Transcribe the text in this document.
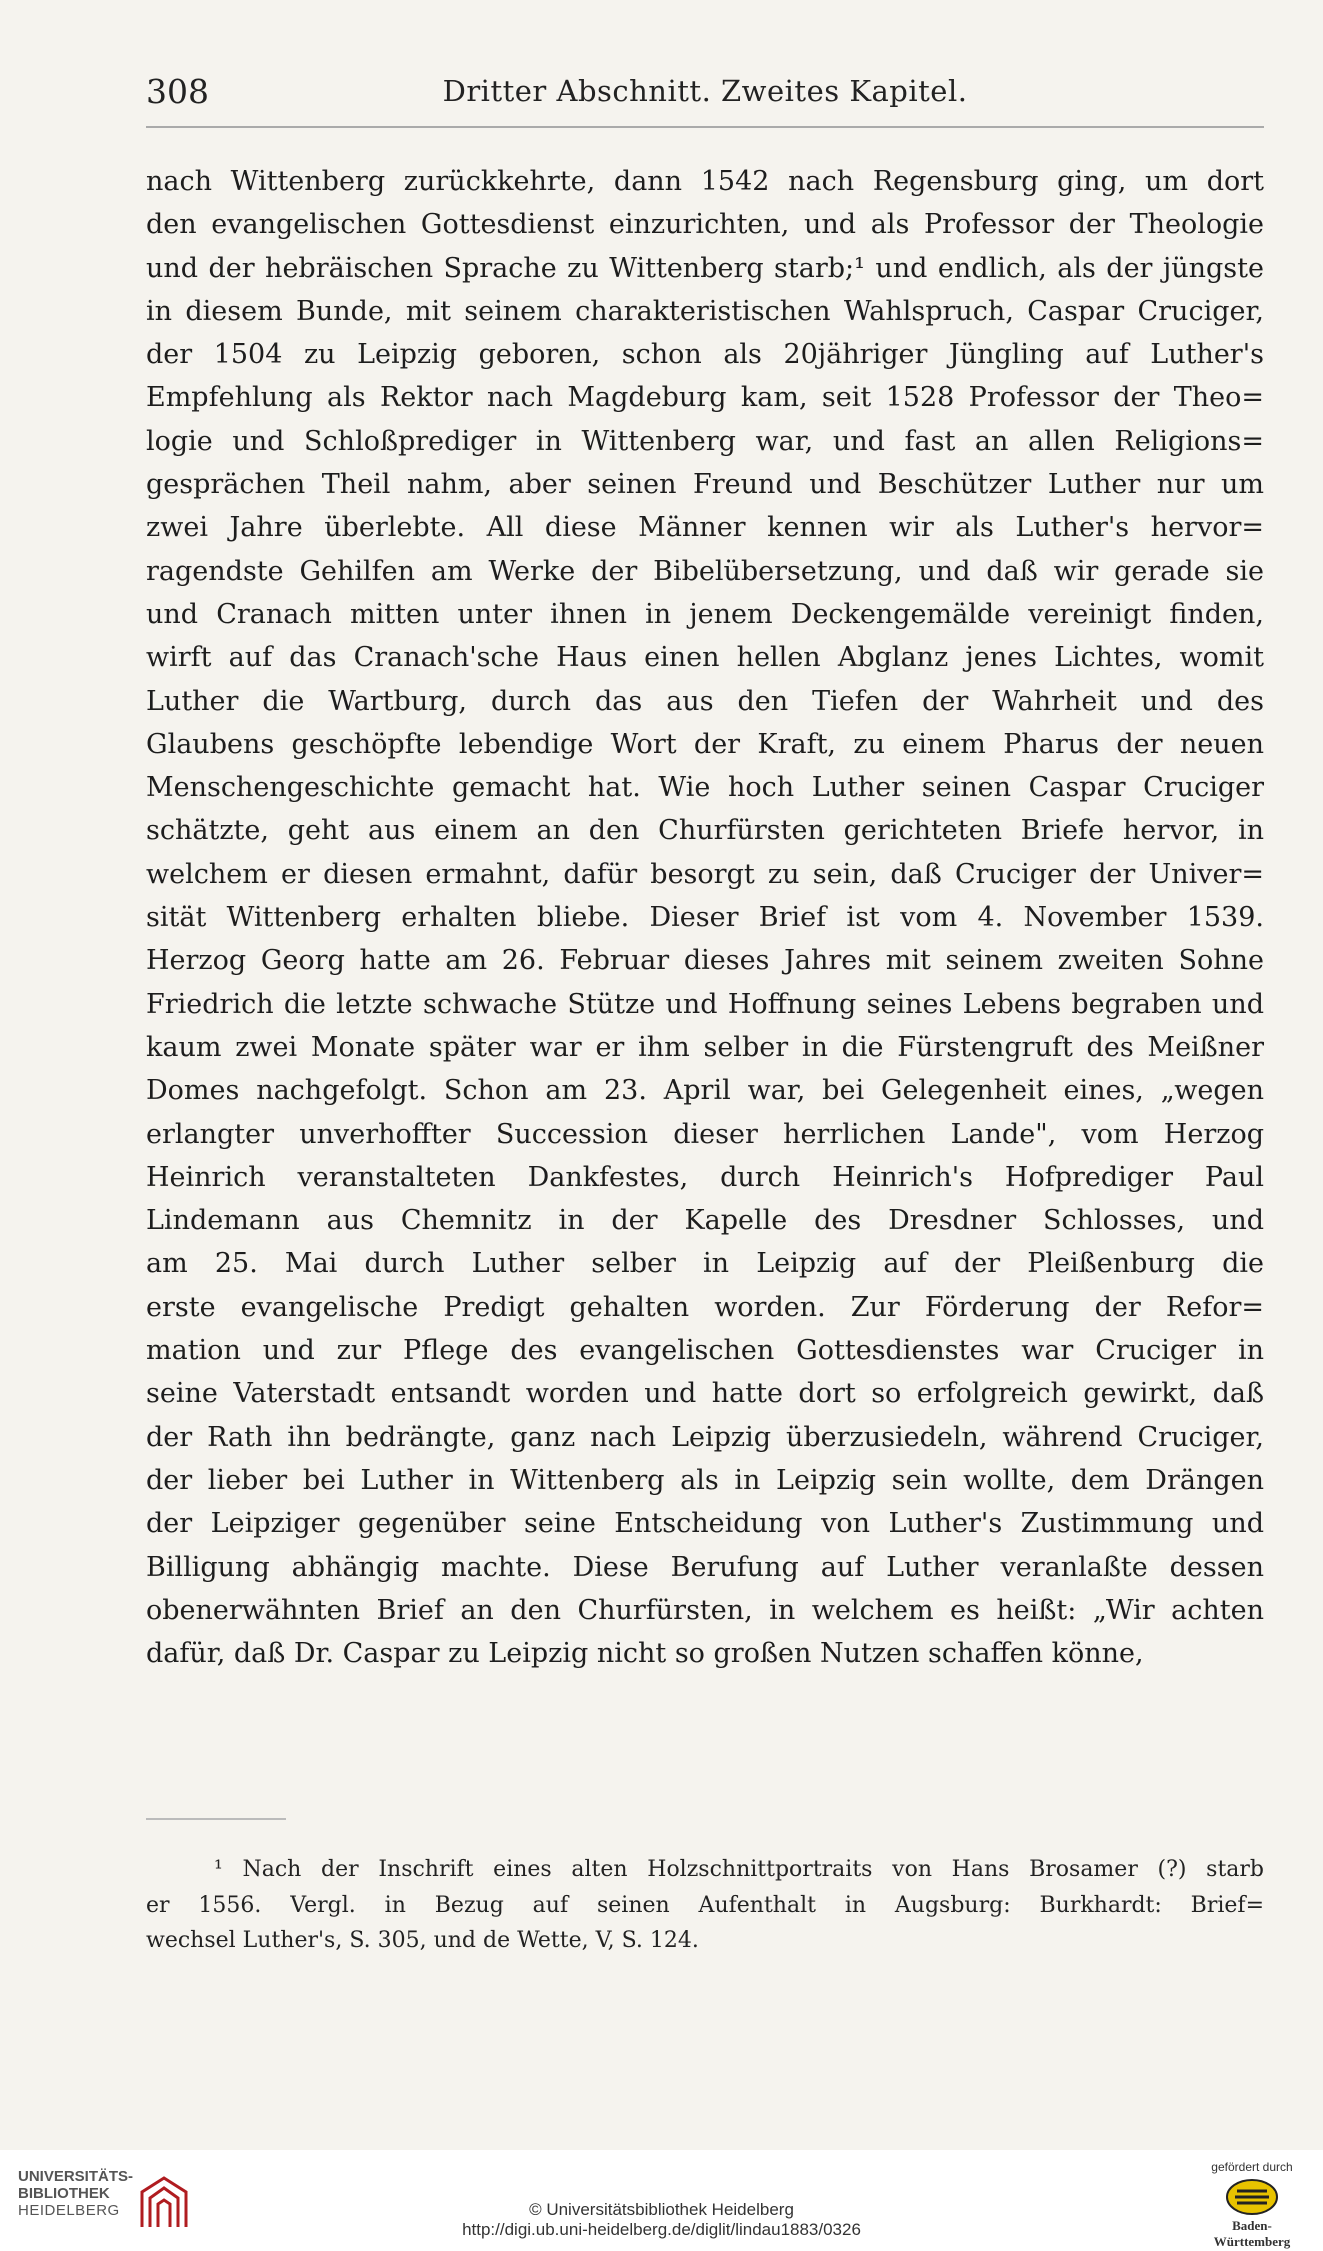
308	Dritter Abschnitt. Zweites Kapitel.
nach Wittenberg zurückkehrte, dann 1542 nach Regensburg ging, um dort
den evangelischen Gottesdienst einzurichten, und als Professor der Theologie
und der hebräischen Sprache zu Wittenberg starb;¹ und endlich, als der jüngste
in diesem Bunde, mit seinem charakteristischen Wahlspruch, Caspar Cruciger,
der 1504 zu Leipzig geboren, schon als 20jähriger Jüngling auf Luther's
Empfehlung als Rektor nach Magdeburg kam, seit 1528 Professor der Theo=
logie und Schloßprediger in Wittenberg war, und fast an allen Religions=
gesprächen Theil nahm, aber seinen Freund und Beschützer Luther nur um
zwei Jahre überlebte. All diese Männer kennen wir als Luther's hervor=
ragendste Gehilfen am Werke der Bibelübersetzung, und daß wir gerade sie
und Cranach mitten unter ihnen in jenem Deckengemälde vereinigt finden,
wirft auf das Cranach'sche Haus einen hellen Abglanz jenes Lichtes, womit
Luther die Wartburg, durch das aus den Tiefen der Wahrheit und des
Glaubens geschöpfte lebendige Wort der Kraft, zu einem Pharus der neuen
Menschengeschichte gemacht hat. Wie hoch Luther seinen Caspar Cruciger
schätzte, geht aus einem an den Churfürsten gerichteten Briefe hervor, in
welchem er diesen ermahnt, dafür besorgt zu sein, daß Cruciger der Univer=
sität Wittenberg erhalten bliebe. Dieser Brief ist vom 4. November 1539.
Herzog Georg hatte am 26. Februar dieses Jahres mit seinem zweiten Sohne
Friedrich die letzte schwache Stütze und Hoffnung seines Lebens begraben und
kaum zwei Monate später war er ihm selber in die Fürstengruft des Meißner
Domes nachgefolgt. Schon am 23. April war, bei Gelegenheit eines, „wegen
erlangter unverhoffter Succession dieser herrlichen Lande", vom Herzog
Heinrich veranstalteten Dankfestes, durch Heinrich's Hofprediger Paul
Lindemann aus Chemnitz in der Kapelle des Dresdner Schlosses, und
am 25. Mai durch Luther selber in Leipzig auf der Pleißenburg die
erste evangelische Predigt gehalten worden. Zur Förderung der Refor=
mation und zur Pflege des evangelischen Gottesdienstes war Cruciger in
seine Vaterstadt entsandt worden und hatte dort so erfolgreich gewirkt, daß
der Rath ihn bedrängte, ganz nach Leipzig überzusiedeln, während Cruciger,
der lieber bei Luther in Wittenberg als in Leipzig sein wollte, dem Drängen
der Leipziger gegenüber seine Entscheidung von Luther's Zustimmung und
Billigung abhängig machte. Diese Berufung auf Luther veranlaßte dessen
obenerwähnten Brief an den Churfürsten, in welchem es heißt: „Wir achten
dafür, daß Dr. Caspar zu Leipzig nicht so großen Nutzen schaffen könne,
¹ Nach der Inschrift eines alten Holzschnittportraits von Hans Brosamer (?) starb
er 1556. Vergl. in Bezug auf seinen Aufenthalt in Augsburg: Burkhardt: Brief=
wechsel Luther's, S. 305, und de Wette, V, S. 124.
UNIVERSITÄTS-
BIBLIOTHEK
HEIDELBERG	© Universitätsbibliothek Heidelberg
http://digi.ub.uni-heidelberg.de/diglit/lindau1883/0326
gefördert durch
Baden-Württemberg
